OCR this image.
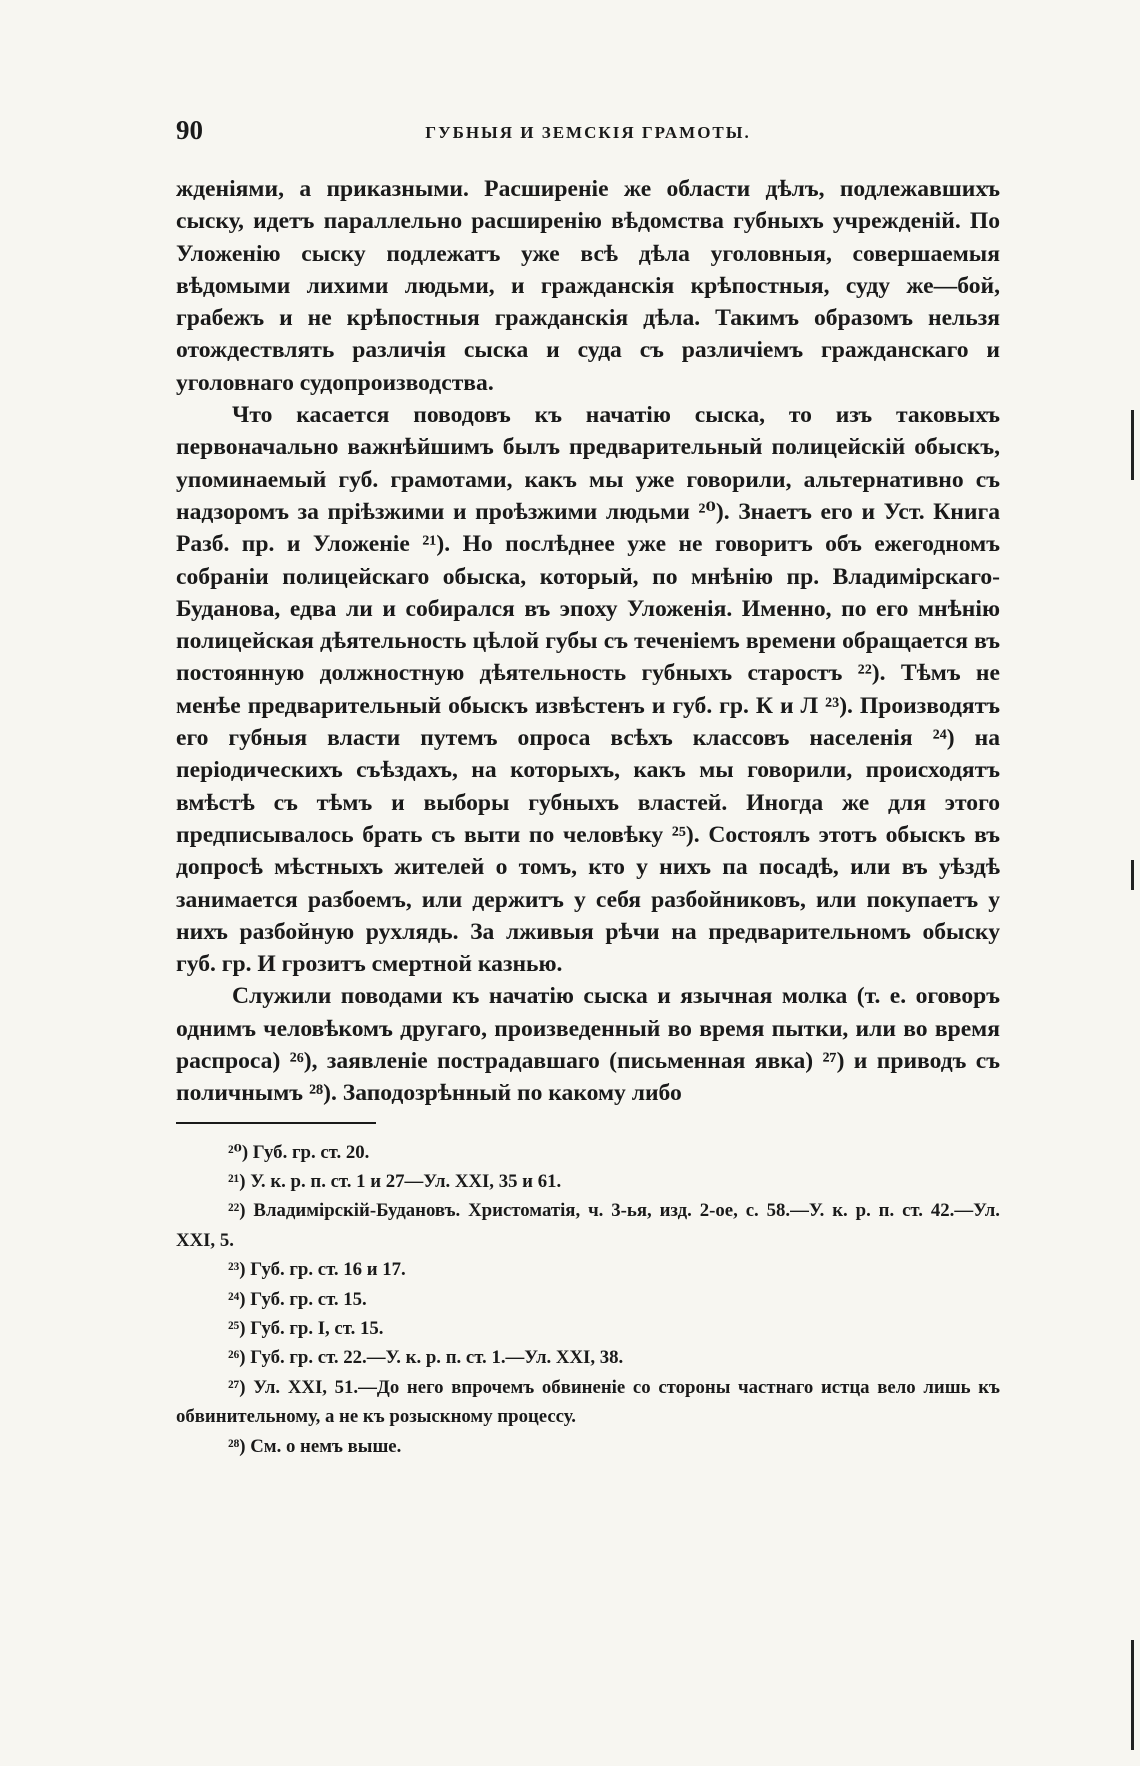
90	ГУБНЫЯ И ЗЕМСКІЯ ГРАМОТЫ.

жденіями, а приказными. Расширеніе же области дѣлъ, подлежавшихъ сыску, идетъ параллельно расширенію вѣдомства губныхъ учрежденій. По Уложенію сыску подлежатъ уже всѣ дѣла уголовныя, совершаемыя вѣдомыми лихими людьми, и гражданскія крѣпостныя, суду же—бой, грабежъ и не крѣпостныя гражданскія дѣла. Такимъ образомъ нельзя отождествлять различія сыска и суда съ различіемъ гражданскаго и уголовнаго судопроизводства.

Что касается поводовъ къ начатію сыска, то изъ таковыхъ первоначально важнѣйшимъ былъ предварительный полицейскій обыскъ, упоминаемый губ. грамотами, какъ мы уже говорили, альтернативно съ надзоромъ за пріѣзжими и проѣзжими людьми ²⁰). Знаетъ его и Уст. Книга Разб. пр. и Уложеніе ²¹). Но послѣднее уже не говоритъ объ ежегодномъ собраніи полицейскаго обыска, который, по мнѣнію пр. Владимірскаго-Буданова, едва ли и собирался въ эпоху Уложенія. Именно, по его мнѣнію полицейская дѣятельность цѣлой губы съ теченіемъ времени обращается въ постоянную должностную дѣятельность губныхъ старостъ ²²). Тѣмъ не менѣе предварительный обыскъ извѣстенъ и губ. гр. К и Л ²³). Производятъ его губныя власти путемъ опроса всѣхъ классовъ населенія ²⁴) на періодическихъ съѣздахъ, на которыхъ, какъ мы говорили, происходятъ вмѣстѣ съ тѣмъ и выборы губныхъ властей. Иногда же для этого предписывалось брать съ выти по человѣку ²⁵). Состоялъ этотъ обыскъ въ допросѣ мѣстныхъ жителей о томъ, кто у нихъ па посадѣ, или въ уѣздѣ занимается разбоемъ, или держитъ у себя разбойниковъ, или покупаетъ у нихъ разбойную рухлядь. За лживыя рѣчи на предварительномъ обыску губ. гр. И грозитъ смертной казнью.

Служили поводами къ начатію сыска и язычная молка (т. е. оговоръ однимъ человѣкомъ другаго, произведенный во время пытки, или во время распроса) ²⁶), заявленіе пострадавшаго (письменная явка) ²⁷) и приводъ съ поличнымъ ²⁸). Заподозрѣнный по какому либо

²⁰) Губ. гр. ст. 20.
²¹) У. к. р. п. ст. 1 и 27—Ул. XXI, 35 и 61.
²²) Владимірскій-Будановъ. Христоматія, ч. 3-ья, изд. 2-ое, с. 58.—У. к. р. п. ст. 42.—Ул. XXI, 5.
²³) Губ. гр. ст. 16 и 17.
²⁴) Губ. гр. ст. 15.
²⁵) Губ. гр. I, ст. 15.
²⁶) Губ. гр. ст. 22.—У. к. р. п. ст. 1.—Ул. XXI, 38.
²⁷) Ул. XXI, 51.—До него впрочемъ обвиненіе со стороны частнаго истца вело лишь къ обвинительному, а не къ розыскному процессу.
²⁸) См. о немъ выше.
